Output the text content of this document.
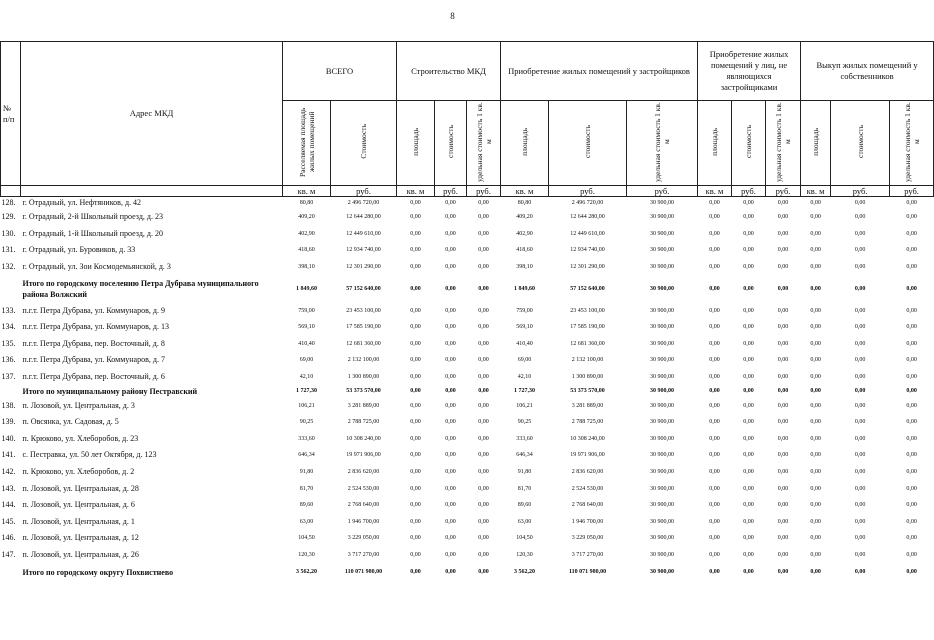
8
№ п/п	Адрес МКД	ВСЕГО		Строительство МКД			Приобретение жилых помещений у застройщиков			Приобретение жилых помещений у лиц, не являющихся застройщиками			Выкуп жилых помещений у собственников		
		Расселяемая площадь жилых помещений	Стоимость	площадь	стоимость	удельная стоимость 1 кв. м	площадь	стоимость	удельная стоимость 1 кв. м	площадь	стоимость	удельная стоимость 1 кв. м	площадь	стоимость	удельная стоимость 1 кв. м
		кв. м	руб.	кв. м	руб.	руб.	кв. м	руб.	руб.	кв. м	руб.	руб.	кв. м	руб.	руб.
128.	г. Отрадный, ул. Нефтяников, д. 42	80,80	2 496 720,00	0,00	0,00	0,00	80,80	2 496 720,00	30 900,00	0,00	0,00	0,00	0,00	0,00	0,00
129.	г. Отрадный, 2-й Школьный проезд, д. 23	409,20	12 644 280,00	0,00	0,00	0,00	409,20	12 644 280,00	30 900,00	0,00	0,00	0,00	0,00	0,00	0,00
130.	г. Отрадный, 1-й Школьный проезд, д. 20	402,90	12 449 610,00	0,00	0,00	0,00	402,90	12 449 610,00	30 900,00	0,00	0,00	0,00	0,00	0,00	0,00
131.	г. Отрадный, ул. Буровиков, д. 33	418,60	12 934 740,00	0,00	0,00	0,00	418,60	12 934 740,00	30 900,00	0,00	0,00	0,00	0,00	0,00	0,00
132.	г. Отрадный, ул. Зои Космодемьянской, д. 3	398,10	12 301 290,00	0,00	0,00	0,00	398,10	12 301 290,00	30 900,00	0,00	0,00	0,00	0,00	0,00	0,00
	Итого по городскому поселению Петра Дубрава муниципального района Волжский	1 849,60	57 152 640,00	0,00	0,00	0,00	1 849,60	57 152 640,00	30 900,00	0,00	0,00	0,00	0,00	0,00	0,00
133.	п.г.т. Петра Дубрава, ул. Коммунаров, д. 9	759,00	23 453 100,00	0,00	0,00	0,00	759,00	23 453 100,00	30 900,00	0,00	0,00	0,00	0,00	0,00	0,00
134.	п.г.т. Петра Дубрава, ул. Коммунаров, д. 13	569,10	17 585 190,00	0,00	0,00	0,00	569,10	17 585 190,00	30 900,00	0,00	0,00	0,00	0,00	0,00	0,00
135.	п.г.т. Петра Дубрава, пер. Восточный, д. 8	410,40	12 681 360,00	0,00	0,00	0,00	410,40	12 681 360,00	30 900,00	0,00	0,00	0,00	0,00	0,00	0,00
136.	п.г.т. Петра Дубрава, ул. Коммунаров, д. 7	69,00	2 132 100,00	0,00	0,00	0,00	69,00	2 132 100,00	30 900,00	0,00	0,00	0,00	0,00	0,00	0,00
137.	п.г.т. Петра Дубрава, пер. Восточный, д. 6	42,10	1 300 890,00	0,00	0,00	0,00	42,10	1 300 890,00	30 900,00	0,00	0,00	0,00	0,00	0,00	0,00
	Итого по муниципальному району Пестравский	1 727,30	53 373 570,00	0,00	0,00	0,00	1 727,30	53 373 570,00	30 900,00	0,00	0,00	0,00	0,00	0,00	0,00
138.	п. Лозовой, ул. Центральная, д. 3	106,21	3 281 889,00	0,00	0,00	0,00	106,21	3 281 889,00	30 900,00	0,00	0,00	0,00	0,00	0,00	0,00
139.	п. Овсянка, ул. Садовая, д. 5	90,25	2 788 725,00	0,00	0,00	0,00	90,25	2 788 725,00	30 900,00	0,00	0,00	0,00	0,00	0,00	0,00
140.	п. Крюково, ул. Хлеборобов, д. 23	333,60	10 308 240,00	0,00	0,00	0,00	333,60	10 308 240,00	30 900,00	0,00	0,00	0,00	0,00	0,00	0,00
141.	с. Пестравка, ул. 50 лет Октября, д. 123	646,34	19 971 906,00	0,00	0,00	0,00	646,34	19 971 906,00	30 900,00	0,00	0,00	0,00	0,00	0,00	0,00
142.	п. Крюково, ул. Хлеборобов, д. 2	91,80	2 836 620,00	0,00	0,00	0,00	91,80	2 836 620,00	30 900,00	0,00	0,00	0,00	0,00	0,00	0,00
143.	п. Лозовой, ул. Центральная, д. 28	81,70	2 524 530,00	0,00	0,00	0,00	81,70	2 524 530,00	30 900,00	0,00	0,00	0,00	0,00	0,00	0,00
144.	п. Лозовой, ул. Центральная, д. 6	89,60	2 768 640,00	0,00	0,00	0,00	89,60	2 768 640,00	30 900,00	0,00	0,00	0,00	0,00	0,00	0,00
145.	п. Лозовой, ул. Центральная, д. 1	63,00	1 946 700,00	0,00	0,00	0,00	63,00	1 946 700,00	30 900,00	0,00	0,00	0,00	0,00	0,00	0,00
146.	п. Лозовой, ул. Центральная, д. 12	104,50	3 229 050,00	0,00	0,00	0,00	104,50	3 229 050,00	30 900,00	0,00	0,00	0,00	0,00	0,00	0,00
147.	п. Лозовой, ул. Центральная, д. 26	120,30	3 717 270,00	0,00	0,00	0,00	120,30	3 717 270,00	30 900,00	0,00	0,00	0,00	0,00	0,00	0,00
	Итого по городскому округу Похвистнево	3 562,20	110 071 980,00	0,00	0,00	0,00	3 562,20	110 071 980,00	30 900,00	0,00	0,00	0,00	0,00	0,00	0,00
